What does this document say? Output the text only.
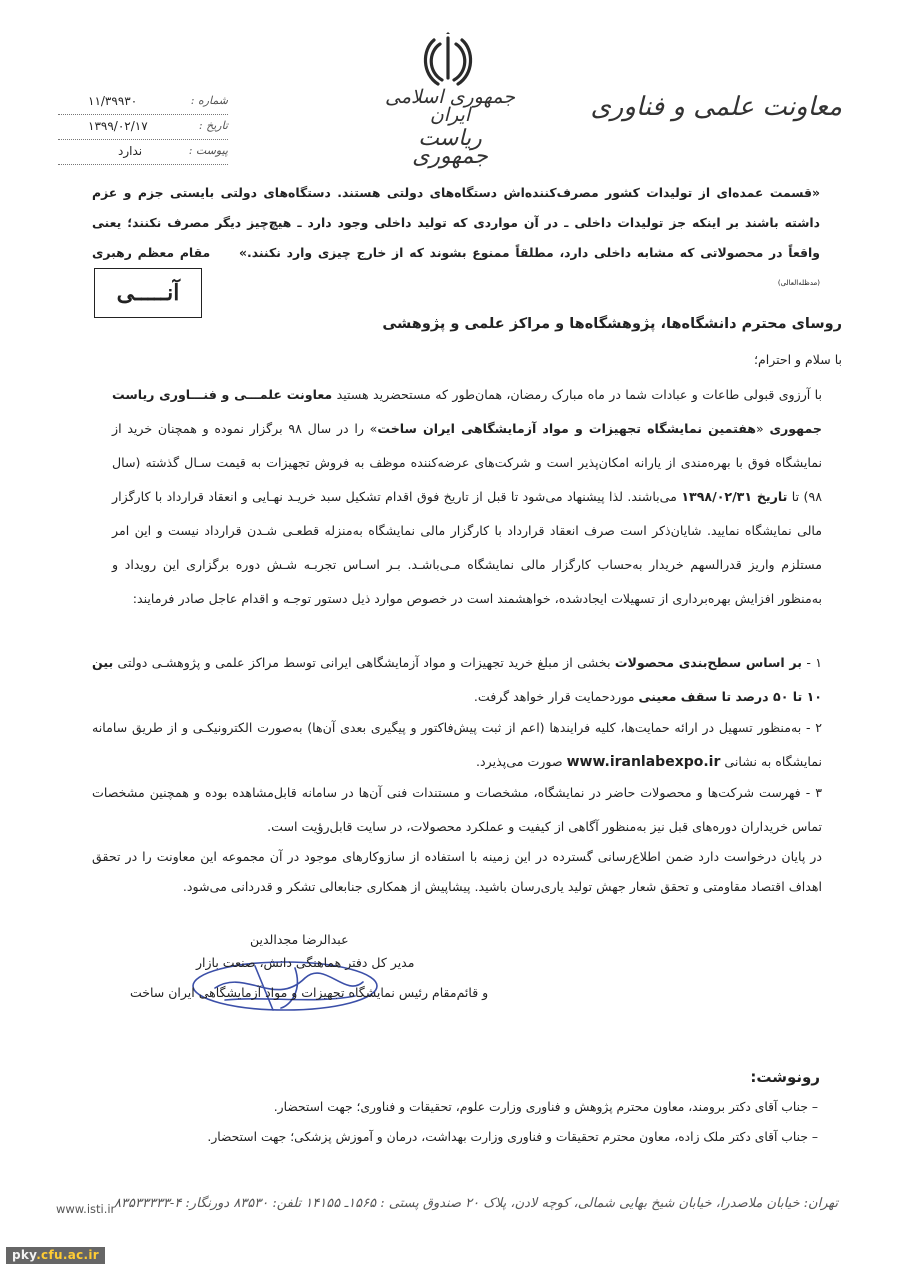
جمهوری اسلامی ایران
ریاست جمهوری
معاونت علمی و فناوری
شماره :
۱۱/۳۹۹۳۰
تاریخ :
۱۳۹۹/۰۲/۱۷
پیوست :
ندارد
«قسمت عمده‌ای از تولیدات کشور مصرف‌کننده‌اش دستگاه‌های دولتی هستند. دستگاه‌های دولتی بایستی جزم و عزم داشته باشند بر اینکه جز تولیدات داخلی ـ در آن مواردی که تولید داخلی وجود دارد ـ هیچ‌چیز دیگر مصرف نکنند؛ یعنی واقعاً در محصولاتی که مشابه داخلی دارد، مطلقاً ممنوع بشوند که از خارج چیزی وارد نکنند.»     مقام معظم رهبری $^{(مدظله‌العالی)}$
آنـــــی
روسای محترم دانشگاه‌ها، پژوهشگاه‌ها و مراکز علمی و پژوهشی
با سلام و احترام؛
با آرزوی قبولی طاعات و عبادات شما در ماه مبارک رمضان، همان‌طور که مستحضرید هستید معاونت علمـــی و فنـــاوری ریاست جمهوری «هفتمین نمایشگاه تجهیزات و مواد آزمایشگاهی ایران ساخت» را در سال ۹۸ برگزار نموده و همچنان خرید از نمایشگاه فوق با بهره‌مندی از یارانه امکان‌پذیر است و شرکت‌های عرضه‌کننده موظف به فروش تجهیزات به قیمت سـال گذشته (سال ۹۸) تا تاریخ ۱۳۹۸/۰۲/۳۱ می‌باشند. لذا پیشنهاد می‌شود تا قبل از تاریخ فوق اقدام تشکیل سبد خریـد نهـایی و انعقاد قرارداد با کارگزار مالی نمایشگاه نمایید. شایان‌ذکر است صرف انعقاد قرارداد با کارگزار مالی نمایشگاه به‌منزله قطعـی شـدن قرارداد نیست و این امر مستلزم واریز قدرالسهم خریدار به‌حساب کارگزار مالی نمایشگاه مـی‌باشـد. بـر اسـاس تجربـه شـش دوره برگزاری این رویداد و به‌منظور افزایش بهره‌برداری از تسهیلات ایجادشده، خواهشمند است در خصوص موارد ذیل دستور توجـه و اقدام عاجل صادر فرمایند:
۱ - بر اساس سطح‌بندی محصولات بخشی از مبلغ خرید تجهیزات و مواد آزمایشگاهی ایرانی توسط مراکز علمی و پژوهشـی دولتی بین ۱۰ تا ۵۰ درصد تا سقف معینی موردحمایت قرار خواهد گرفت.
۲ - به‌منظور تسهیل در ارائه حمایت‌ها، کلیه فرایندها (اعم از ثبت پیش‌فاکتور و پیگیری بعدی آن‌ها) به‌صورت الکترونیکـی و از طریق سامانه نمایشگاه به نشانی www.iranlabexpo.ir صورت می‌پذیرد.
۳ - فهرست شرکت‌ها و محصولات حاضر در نمایشگاه، مشخصات و مستندات فنی آن‌ها در سامانه قابل‌مشاهده بوده و همچنین مشخصات تماس خریداران دوره‌های قبل نیز به‌منظور آگاهی از کیفیت و عملکرد محصولات، در سایت قابل‌رؤیت است.
در پایان درخواست دارد ضمن اطلاع‌رسانی گسترده در این زمینه با استفاده از سازوکارهای موجود در آن مجموعه این معاونت را در تحقق اهداف اقتصاد مقاومتی و تحقق شعار جهش تولید یاری‌رسان باشید. پیشاپیش از همکاری جنابعالی تشکر و قدردانی می‌شود.
عبدالرضا مجدالدین
مدیر کل دفتر هماهنگی دانش، صنعت بازار
و قائم‌مقام رئیس نمایشگاه تجهیزات و مواد آزمایشگاهی ایران ساخت
رونوشت:
– جناب آقای دکتر برومند، معاون محترم پژوهش و فناوری وزارت علوم، تحقیقات و فناوری؛ جهت استحضار.
– جناب آقای دکتر ملک زاده، معاون محترم تحقیقات و فناوری وزارت بهداشت، درمان و آموزش پزشکی؛ جهت استحضار.
تهران: خیابان ملاصدرا، خیابان شیخ بهایی شمالی، کوچه لادن، پلاک ۲۰ صندوق پستی : ۱۵۶۵ـ ۱۴۱۵۵ تلفن: ۸۳۵۳۰ دورنگار: ۴-۸۳۵۳۳۳۳۳
www.isti.ir
pky.cfu.ac.ir
